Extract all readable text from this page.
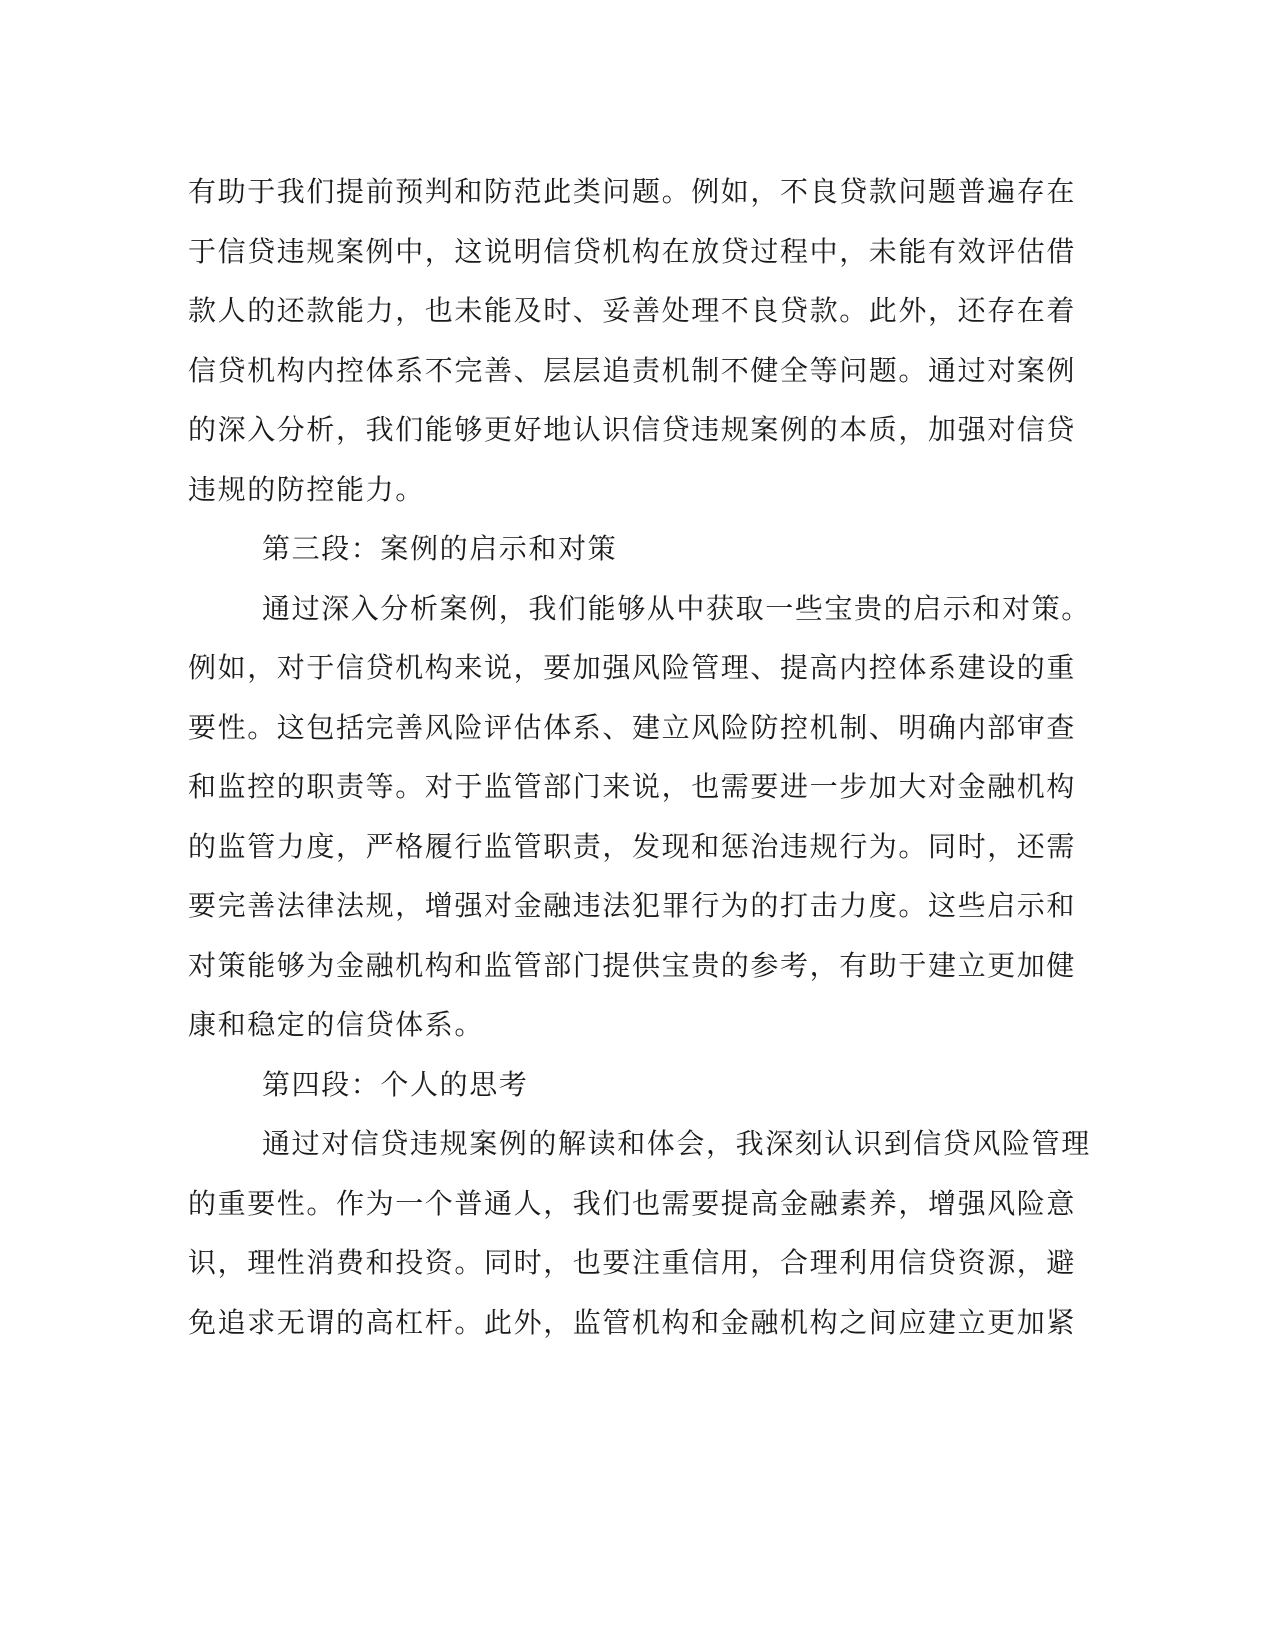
有助于我们提前预判和防范此类问题。例如，不良贷款问题普遍存在
于信贷违规案例中，这说明信贷机构在放贷过程中，未能有效评估借
款人的还款能力，也未能及时、妥善处理不良贷款。此外，还存在着
信贷机构内控体系不完善、层层追责机制不健全等问题。通过对案例
的深入分析，我们能够更好地认识信贷违规案例的本质，加强对信贷
违规的防控能力。
第三段：案例的启示和对策
通过深入分析案例，我们能够从中获取一些宝贵的启示和对策。
例如，对于信贷机构来说，要加强风险管理、提高内控体系建设的重
要性。这包括完善风险评估体系、建立风险防控机制、明确内部审查
和监控的职责等。对于监管部门来说，也需要进一步加大对金融机构
的监管力度，严格履行监管职责，发现和惩治违规行为。同时，还需
要完善法律法规，增强对金融违法犯罪行为的打击力度。这些启示和
对策能够为金融机构和监管部门提供宝贵的参考，有助于建立更加健
康和稳定的信贷体系。
第四段：个人的思考
通过对信贷违规案例的解读和体会，我深刻认识到信贷风险管理
的重要性。作为一个普通人，我们也需要提高金融素养，增强风险意
识，理性消费和投资。同时，也要注重信用，合理利用信贷资源，避
免追求无谓的高杠杆。此外，监管机构和金融机构之间应建立更加紧
